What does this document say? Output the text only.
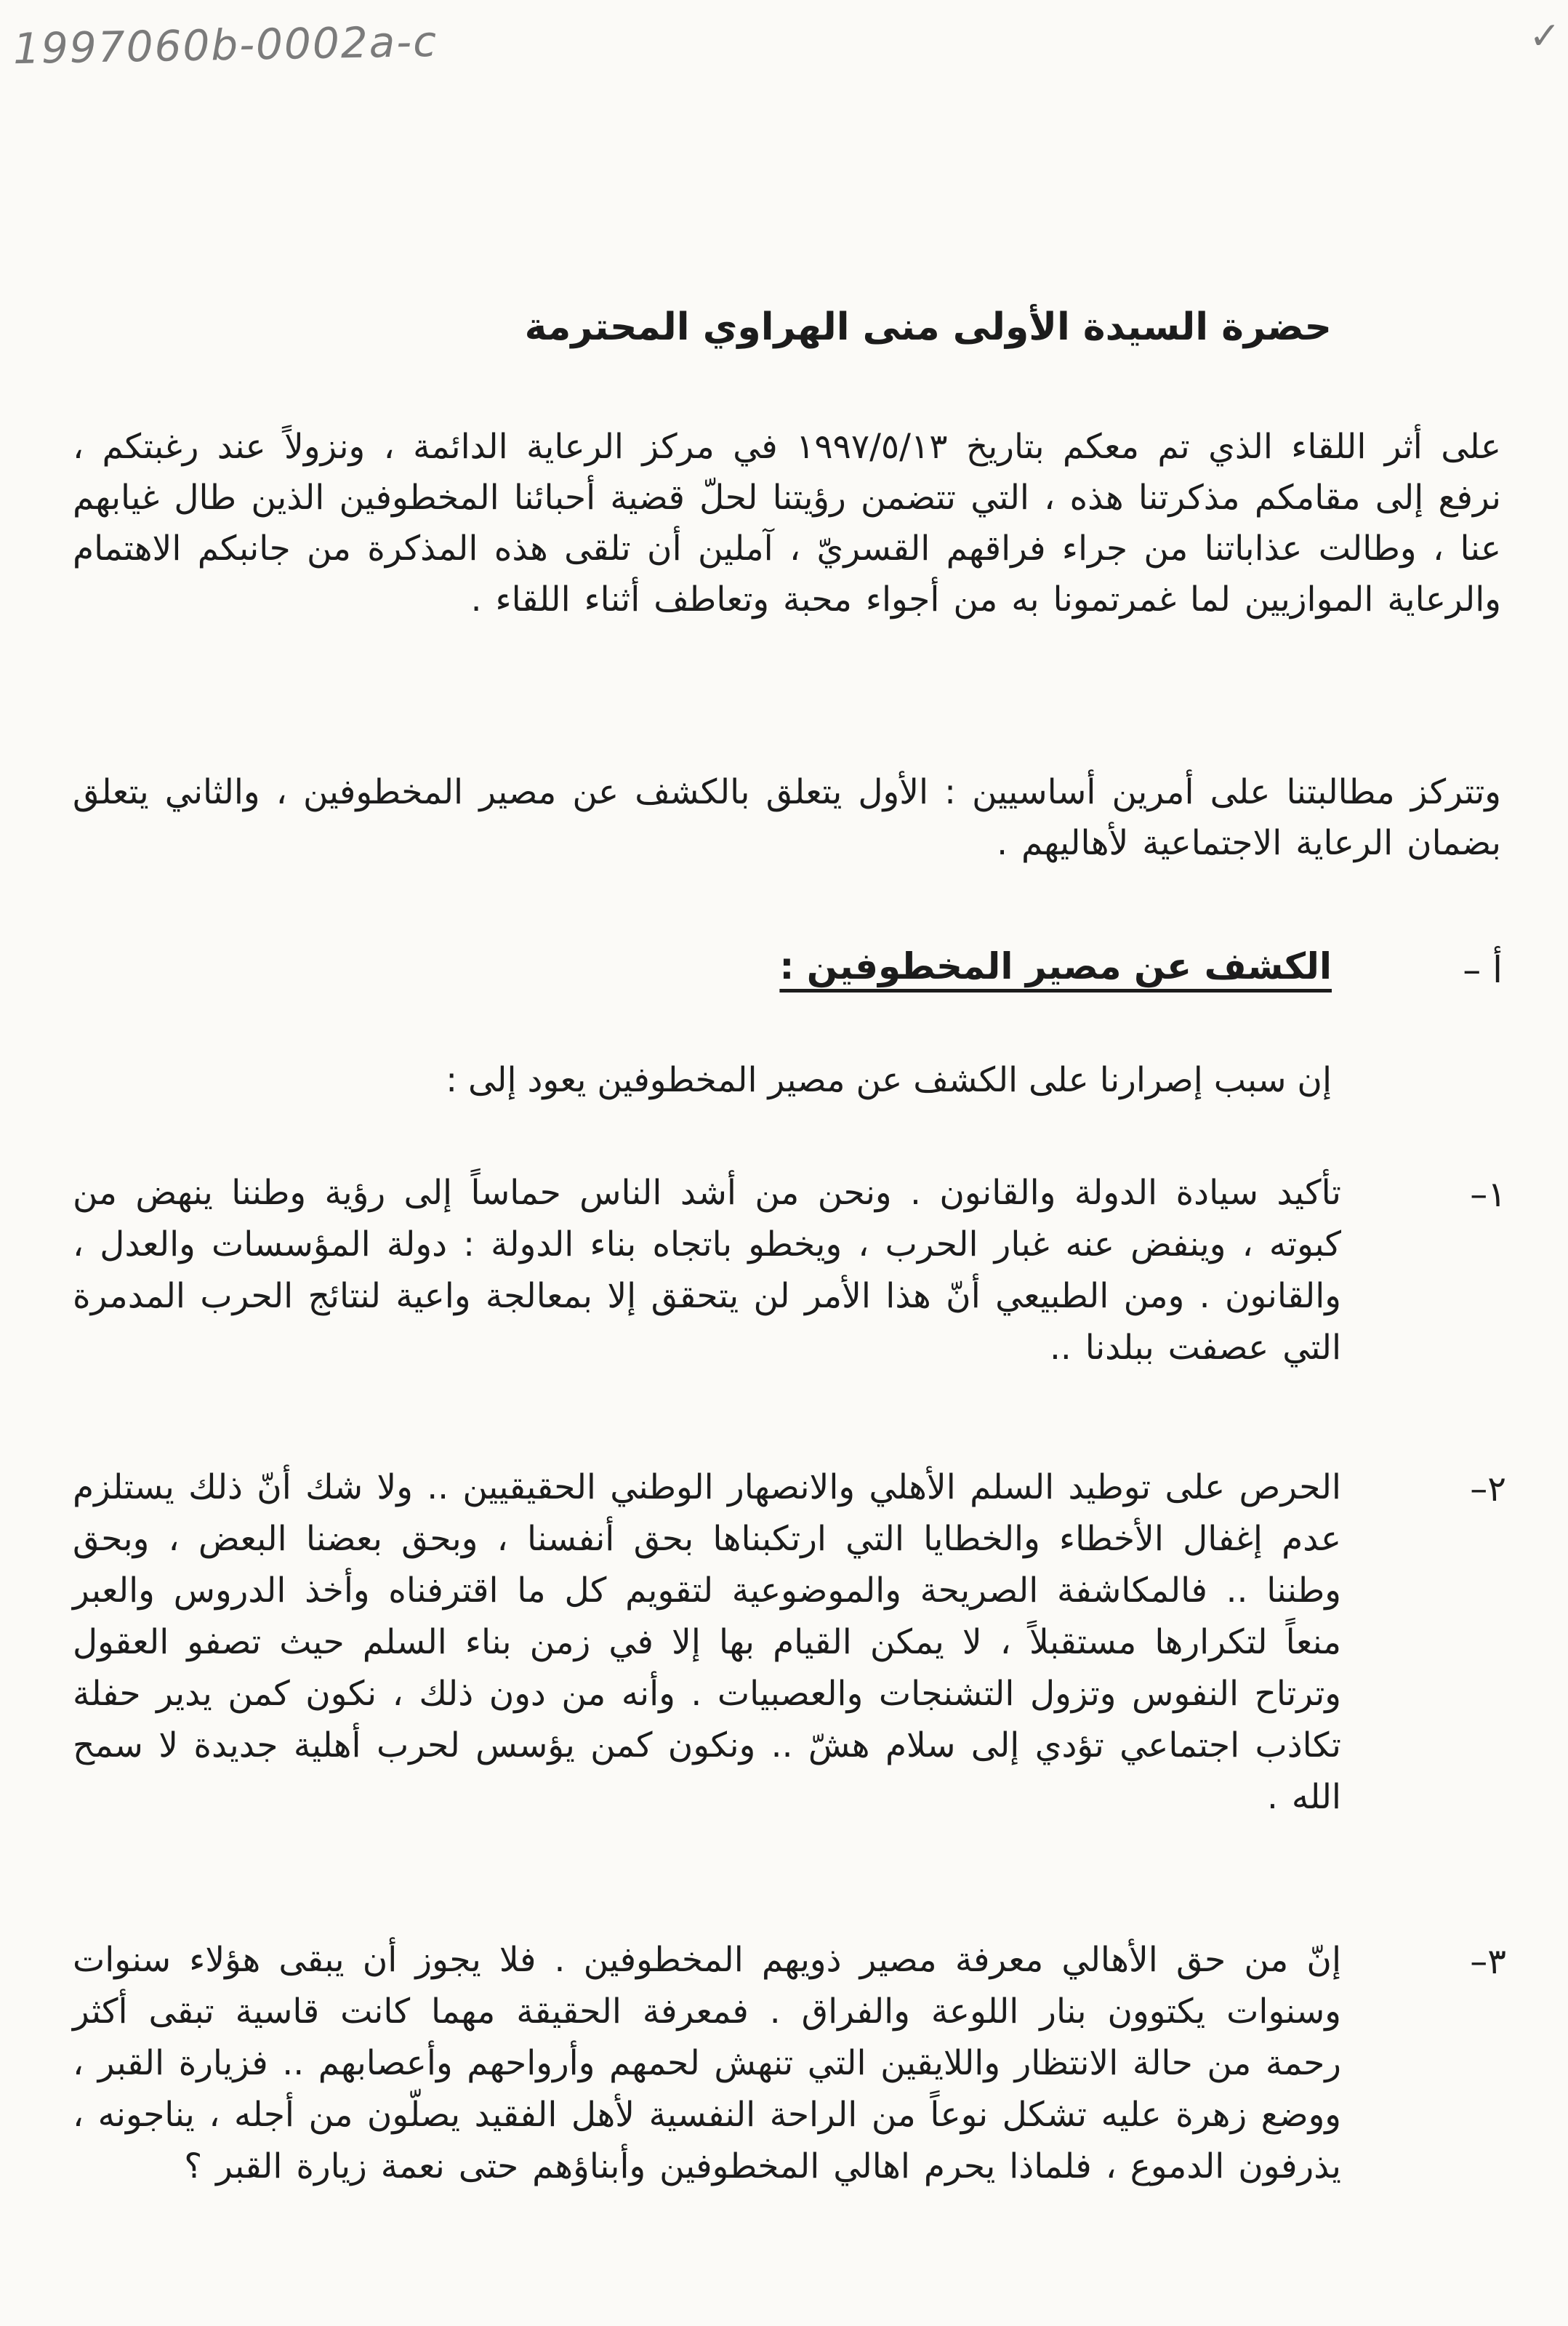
1997060b-0002a-c	✓
حضرة السيدة الأولى منى الهراوي المحترمة
على أثر اللقاء الذي تم معكم بتاريخ ١٩٩٧/٥/١٣ في مركز الرعاية الدائمة ، ونزولاً عند رغبتكم ، نرفع إلى مقامكم مذكرتنا هذه ، التي تتضمن رؤيتنا لحلّ قضية أحبائنا المخطوفين الذين طال غيابهم عنا ، وطالت عذاباتنا من جراء فراقهم القسريّ ، آملين أن تلقى هذه المذكرة من جانبكم الاهتمام والرعاية الموازيين لما غمرتمونا به من أجواء محبة وتعاطف أثناء اللقاء .
وتتركز مطالبتنا على أمرين أساسيين : الأول يتعلق بالكشف عن مصير المخطوفين ، والثاني يتعلق بضمان الرعاية الاجتماعية لأهاليهم .
أ –
الكشف عن مصير المخطوفين :
إن سبب إصرارنا على الكشف عن مصير المخطوفين يعود إلى :
١–
تأكيد سيادة الدولة والقانون . ونحن من أشد الناس حماساً إلى رؤية وطننا ينهض من كبوته ، وينفض عنه غبار الحرب ، ويخطو باتجاه بناء الدولة : دولة المؤسسات والعدل ، والقانون . ومن الطبيعي أنّ هذا الأمر لن يتحقق إلا بمعالجة واعية لنتائج الحرب المدمرة التي عصفت ببلدنا ..
٢–
الحرص على توطيد السلم الأهلي والانصهار الوطني الحقيقيين .. ولا شك أنّ ذلك يستلزم عدم إغفال الأخطاء والخطايا التي ارتكبناها بحق أنفسنا ، وبحق بعضنا البعض ، وبحق وطننا .. فالمكاشفة الصريحة والموضوعية لتقويم كل ما اقترفناه وأخذ الدروس والعبر منعاً لتكرارها مستقبلاً ، لا يمكن القيام بها إلا في زمن بناء السلم حيث تصفو العقول وترتاح النفوس وتزول التشنجات والعصبيات . وأنه من دون ذلك ، نكون كمن يدير حفلة تكاذب اجتماعي تؤدي إلى سلام هشّ .. ونكون كمن يؤسس لحرب أهلية جديدة لا سمح الله .
٣–
إنّ من حق الأهالي معرفة مصير ذويهم المخطوفين . فلا يجوز أن يبقى هؤلاء سنوات وسنوات يكتوون بنار اللوعة والفراق . فمعرفة الحقيقة مهما كانت قاسية تبقى أكثر رحمة من حالة الانتظار واللايقين التي تنهش لحمهم وأرواحهم وأعصابهم .. فزيارة القبر ، ووضع زهرة عليه تشكل نوعاً من الراحة النفسية لأهل الفقيد يصلّون من أجله ، يناجونه ، يذرفون الدموع ، فلماذا يحرم اهالي المخطوفين وأبناؤهم حتى نعمة زيارة القبر ؟
